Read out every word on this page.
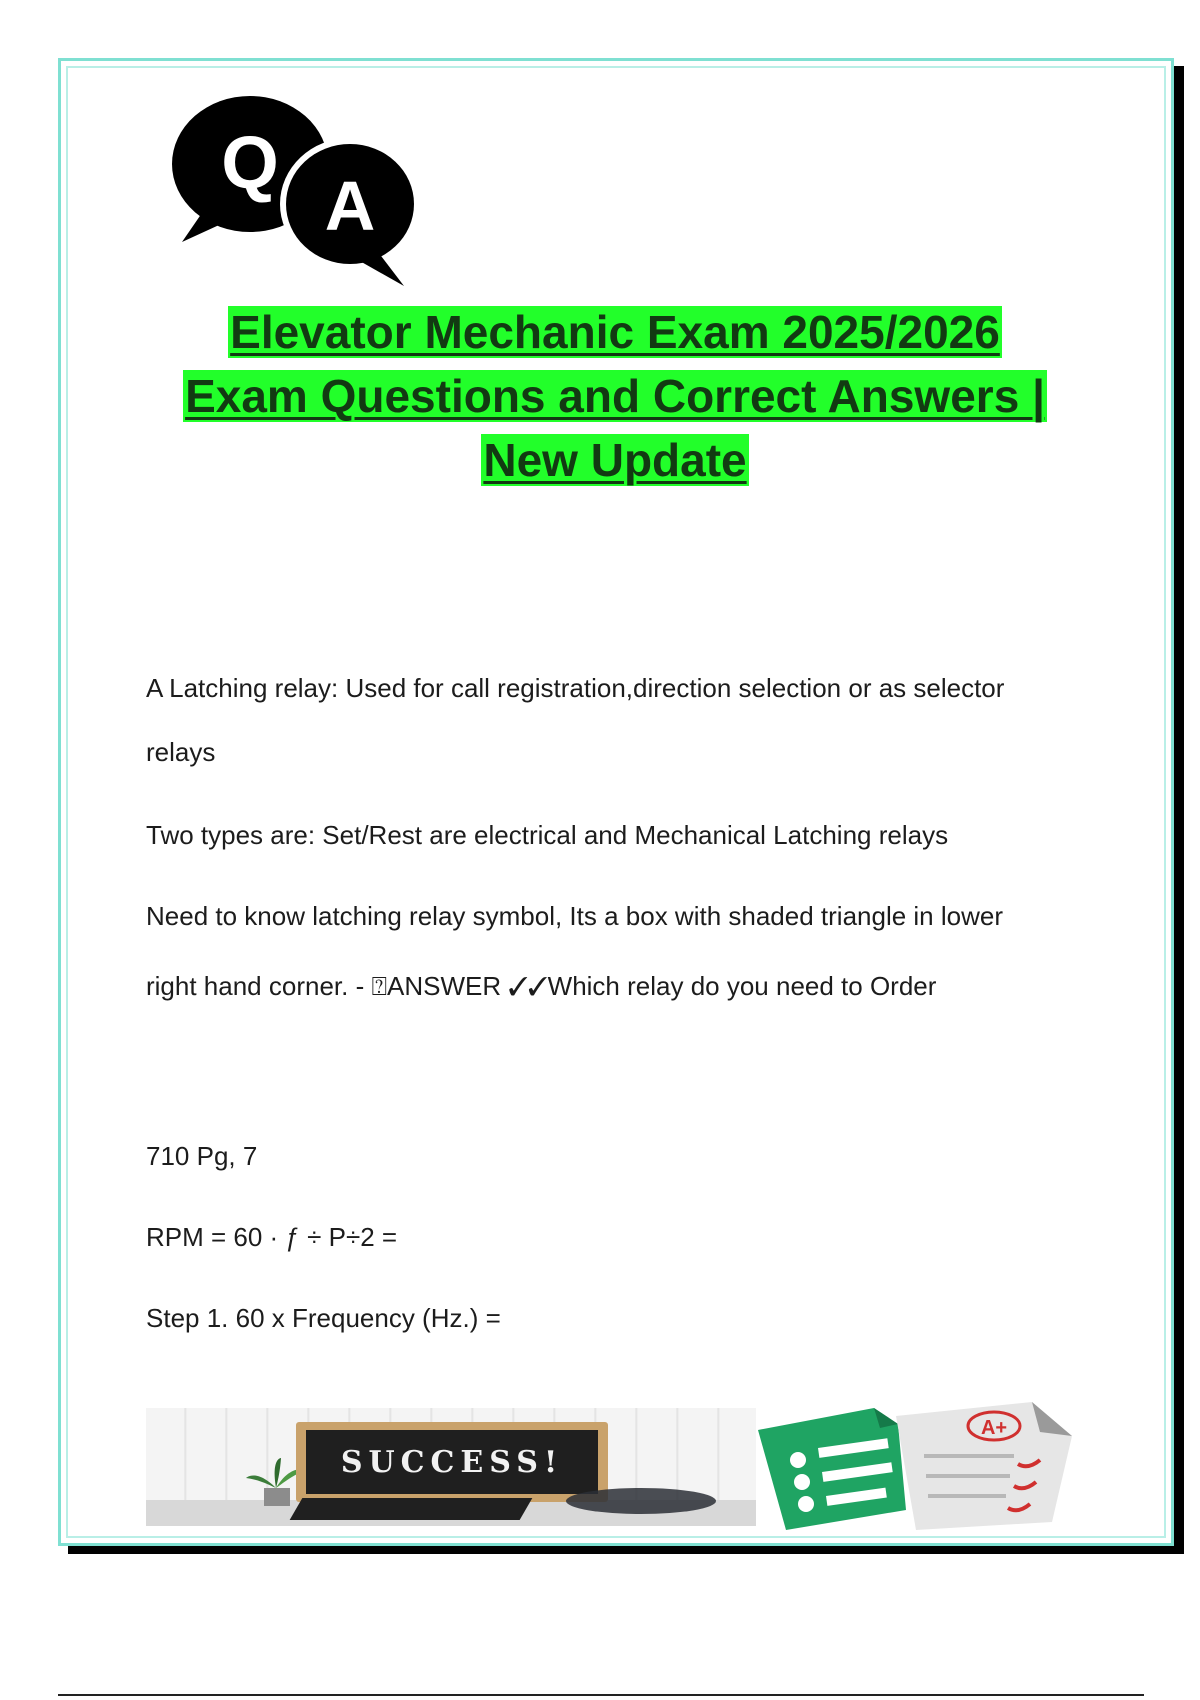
Q
A
Elevator Mechanic Exam 2025/2026
Exam Questions and Correct Answers |
New Update

A Latching relay: Used for call registration,direction selection or as selector

relays

Two types are: Set/Rest are electrical and Mechanical Latching relays

Need to know latching relay symbol, Its a box with shaded triangle in lower

right hand corner. - ⍰ANSWER ✓✓Which relay do you need to Order

710 Pg, 7

RPM = 60 · ƒ ÷ P÷2 =

Step 1. 60 x Frequency (Hz.) =

SUCCESS!
A+
